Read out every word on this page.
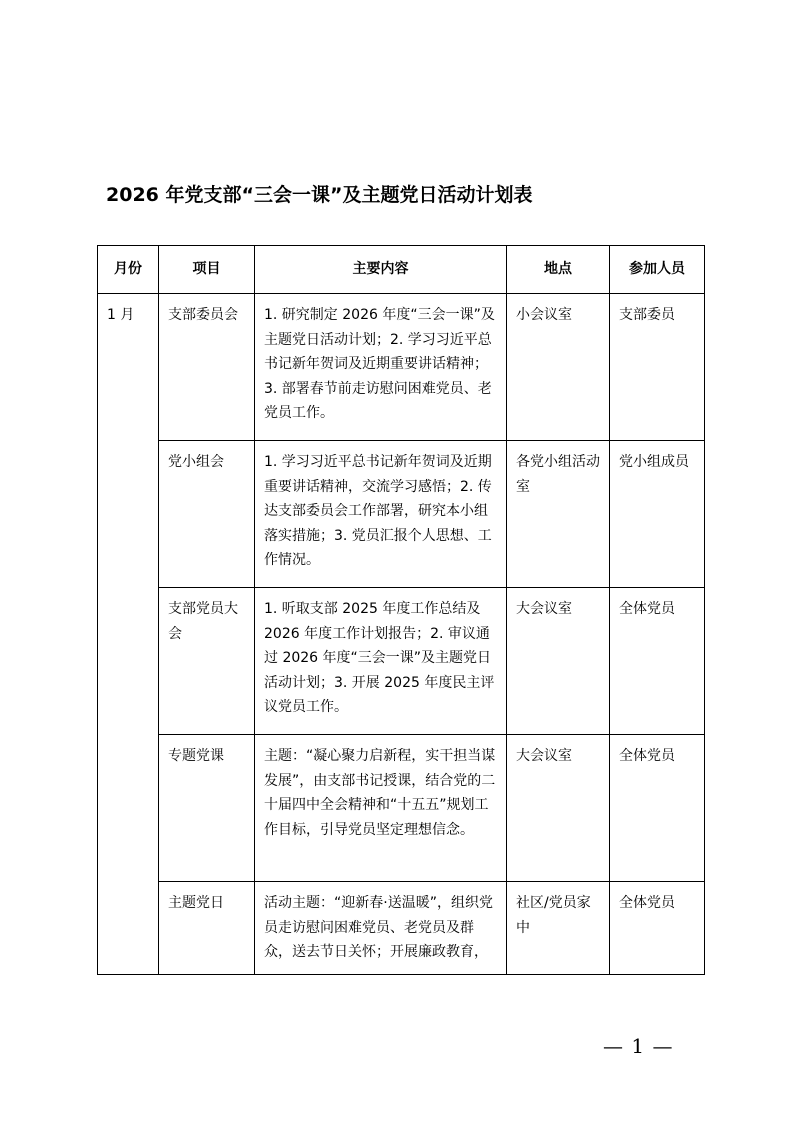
2026 年党支部“三会一课”及主题党日活动计划表
月份	项目	主要内容	地点	参加人员
1 月	支部委员会	1. 研究制定 2026 年度“三会一课”及主题党日活动计划；2. 学习习近平总书记新年贺词及近期重要讲话精神；3. 部署春节前走访慰问困难党员、老党员工作。	小会议室	支部委员
	党小组会	1. 学习习近平总书记新年贺词及近期重要讲话精神，交流学习感悟；2. 传达支部委员会工作部署，研究本小组落实措施；3. 党员汇报个人思想、工作情况。	各党小组活动室	党小组成员
	支部党员大会	1. 听取支部 2025 年度工作总结及 2026 年度工作计划报告；2. 审议通过 2026 年度“三会一课”及主题党日活动计划；3. 开展 2025 年度民主评议党员工作。	大会议室	全体党员
	专题党课	主题：“凝心聚力启新程，实干担当谋发展”，由支部书记授课，结合党的二十届四中全会精神和“十五五”规划工作目标，引导党员坚定理想信念。	大会议室	全体党员
	主题党日	活动主题：“迎新春·送温暖”，组织党员走访慰问困难党员、老党员及群众，送去节日关怀；开展廉政教育，	社区/党员家中	全体党员
— 1 —
